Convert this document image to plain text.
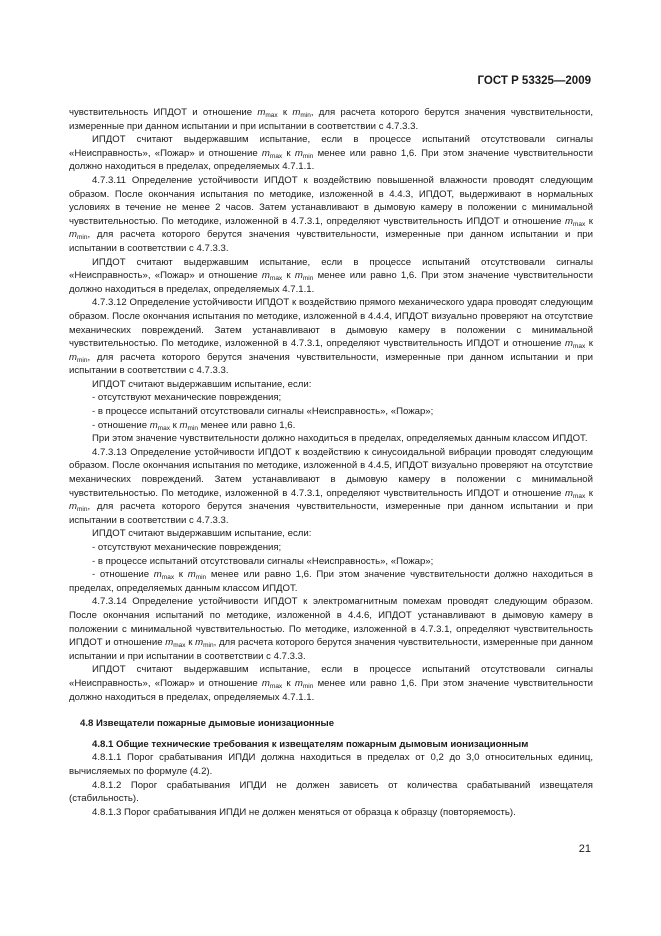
ГОСТ Р 53325—2009

чувствительность ИПДОТ и отношение $m_{max}$ к $m_{min}$, для расчета которого берутся значения чувствительности, измеренные при данном испытании и при испытании в соответствии с 4.7.3.3.

ИПДОТ считают выдержавшим испытание, если в процессе испытаний отсутствовали сигналы «Неисправность», «Пожар» и отношение $m_{max}$ к $m_{min}$ менее или равно 1,6. При этом значение чувствительности должно находиться в пределах, определяемых 4.7.1.1.

4.7.3.11 Определение устойчивости ИПДОТ к воздействию повышенной влажности проводят следующим образом. После окончания испытания по методике, изложенной в 4.4.3, ИПДОТ, выдерживают в нормальных условиях в течение не менее 2 часов. Затем устанавливают в дымовую камеру в положении с минимальной чувствительностью. По методике, изложенной в 4.7.3.1, определяют чувствительность ИПДОТ и отношение $m_{max}$ к $m_{min}$, для расчета которого берутся значения чувствительности, измеренные при данном испытании и при испытании в соответствии с 4.7.3.3.

ИПДОТ считают выдержавшим испытание, если в процессе испытаний отсутствовали сигналы «Неисправность», «Пожар» и отношение $m_{max}$ к $m_{min}$ менее или равно 1,6. При этом значение чувствительности должно находиться в пределах, определяемых 4.7.1.1.

4.7.3.12 Определение устойчивости ИПДОТ к воздействию прямого механического удара проводят следующим образом. После окончания испытания по методике, изложенной в 4.4.4, ИПДОТ визуально проверяют на отсутствие механических повреждений. Затем устанавливают в дымовую камеру в положении с минимальной чувствительностью. По методике, изложенной в 4.7.3.1, определяют чувствительность ИПДОТ и отношение $m_{max}$ к $m_{min}$, для расчета которого берутся значения чувствительности, измеренные при данном испытании и при испытании в соответствии с 4.7.3.3.

ИПДОТ считают выдержавшим испытание, если:

- отсутствуют механические повреждения;

- в процессе испытаний отсутствовали сигналы «Неисправность», «Пожар»;

- отношение $m_{max}$ к $m_{min}$ менее или равно 1,6.

При этом значение чувствительности должно находиться в пределах, определяемых данным классом ИПДОТ.

4.7.3.13 Определение устойчивости ИПДОТ к воздействию к синусоидальной вибрации проводят следующим образом. После окончания испытания по методике, изложенной в 4.4.5, ИПДОТ визуально проверяют на отсутствие механических повреждений. Затем устанавливают в дымовую камеру в положении с минимальной чувствительностью. По методике, изложенной в 4.7.3.1, определяют чувствительность ИПДОТ и отношение $m_{max}$ к $m_{min}$, для расчета которого берутся значения чувствительности, измеренные при данном испытании и при испытании в соответствии с 4.7.3.3.

ИПДОТ считают выдержавшим испытание, если:

- отсутствуют механические повреждения;

- в процессе испытаний отсутствовали сигналы «Неисправность», «Пожар»;

- отношение $m_{max}$ к $m_{min}$ менее или равно 1,6. При этом значение чувствительности должно находиться в пределах, определяемых данным классом ИПДОТ.

4.7.3.14 Определение устойчивости ИПДОТ к электромагнитным помехам проводят следующим образом. После окончания испытаний по методике, изложенной в 4.4.6, ИПДОТ устанавливают в дымовую камеру в положении с минимальной чувствительностью. По методике, изложенной в 4.7.3.1, определяют чувствительность ИПДОТ и отношение $m_{max}$ к $m_{min}$, для расчета которого берутся значения чувствительности, измеренные при данном испытании и при испытании в соответствии с 4.7.3.3.

ИПДОТ считают выдержавшим испытание, если в процессе испытаний отсутствовали сигналы «Неисправность», «Пожар» и отношение $m_{max}$ к $m_{min}$ менее или равно 1,6. При этом значение чувствительности должно находиться в пределах, определяемых 4.7.1.1.

4.8 Извещатели пожарные дымовые ионизационные

4.8.1 Общие технические требования к извещателям пожарным дымовым ионизационным

4.8.1.1 Порог срабатывания ИПДИ должна находиться в пределах от 0,2 до 3,0 относительных единиц, вычисляемых по формуле (4.2).

4.8.1.2 Порог срабатывания ИПДИ не должен зависеть от количества срабатываний извещателя (стабильность).

4.8.1.3 Порог срабатывания ИПДИ не должен меняться от образца к образцу (повторяемость).

21
